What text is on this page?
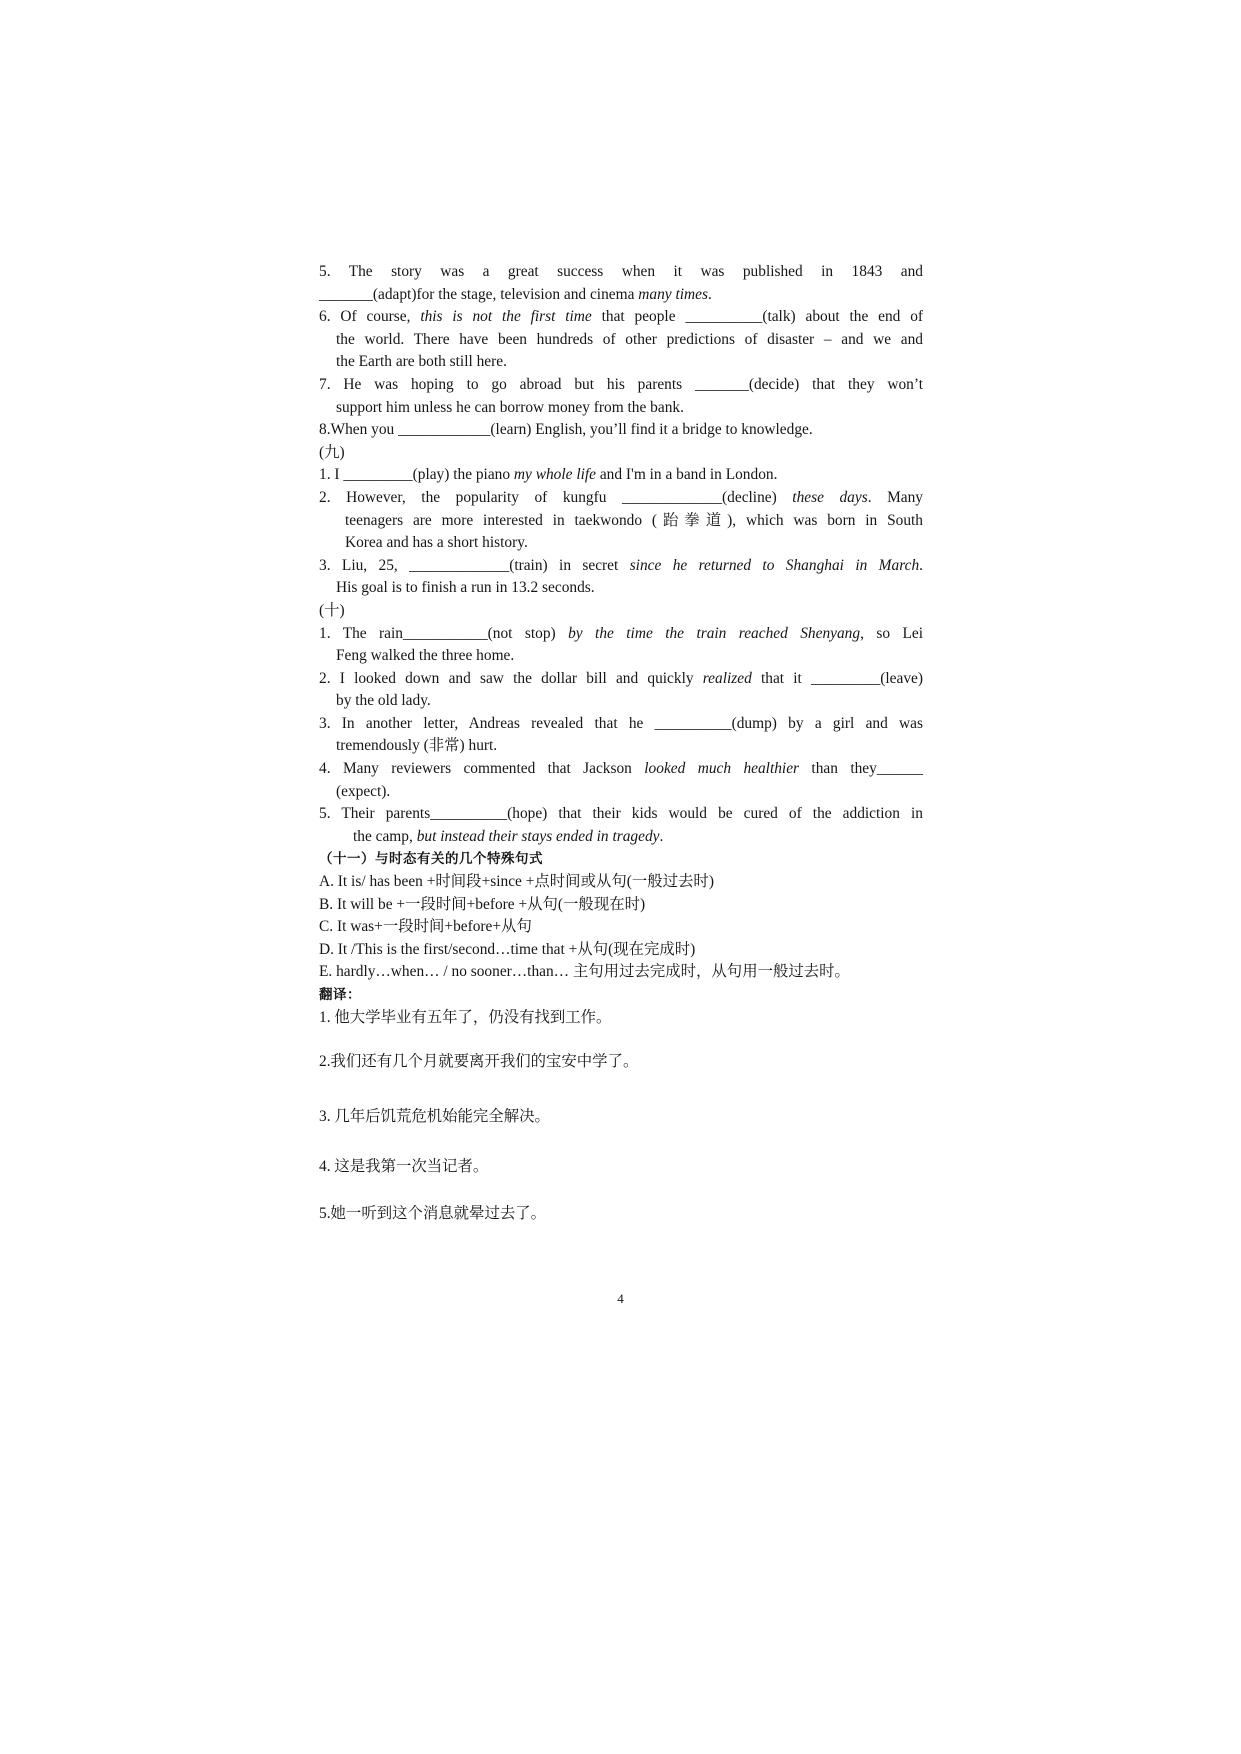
5. The story was a great success when it was published in 1843 and
_______(adapt)for the stage, television and cinema many times.
6. Of course, this is not the first time that people __________(talk) about the end of
the world. There have been hundreds of other predictions of disaster – and we and
the Earth are both still here.
7. He was hoping to go abroad but his parents _______(decide) that they won’t
support him unless he can borrow money from the bank.
8.When you ____________(learn) English, you’ll find it a bridge to knowledge.

(九)

1. I _________(play) the piano my whole life and I'm in a band in London.
2. However, the popularity of kungfu _____________(decline) these days. Many
teenagers are more interested in taekwondo (跆拳道), which was born in South
Korea and has a short history.
3. Liu, 25, _____________(train) in secret since he returned to Shanghai in March.
His goal is to finish a run in 13.2 seconds.

(十)

1. The rain___________(not stop) by the time the train reached Shenyang, so Lei
Feng walked the three home.
2. I looked down and saw the dollar bill and quickly realized that it _________(leave)
by the old lady.
3. In another letter, Andreas revealed that he __________(dump) by a girl and was
tremendously (非常) hurt.
4. Many reviewers commented that Jackson looked much healthier than they______
(expect).
5. Their parents__________(hope) that their kids would be cured of the addiction in
the camp, but instead their stays ended in tragedy.

（十一）与时态有关的几个特殊句式

A. It is/ has been +时间段+since +点时间或从句(一般过去时)

B. It will be +一段时间+before +从句(一般现在时)

C. It was+一段时间+before+从句

D. It /This is the first/second…time that +从句(现在完成时)

E. hardly…when… / no sooner…than… 主句用过去完成时，从句用一般过去时。

翻译：

1. 他大学毕业有五年了，仍没有找到工作。

2.我们还有几个月就要离开我们的宝安中学了。

3. 几年后饥荒危机始能完全解决。

4. 这是我第一次当记者。

5.她一听到这个消息就晕过去了。

4
